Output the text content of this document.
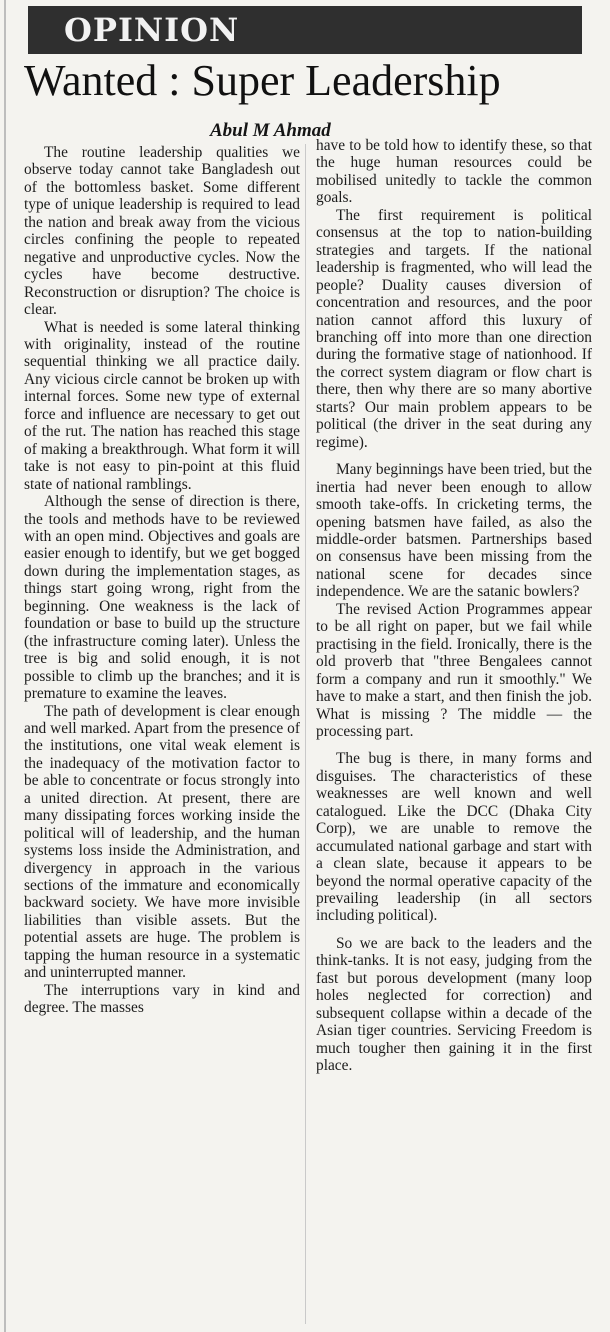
OPINION
Wanted : Super Leadership
Abul M Ahmad

The routine leadership qualities we observe today cannot take Bangladesh out of the bottomless basket. Some different type of unique leadership is required to lead the nation and break away from the vicious circles confining the people to repeated negative and unproductive cycles. Now the cycles have become destructive. Reconstruction or disruption? The choice is clear.

What is needed is some lateral thinking with originality, instead of the routine sequential thinking we all practice daily. Any vicious circle cannot be broken up with internal forces. Some new type of external force and influence are necessary to get out of the rut. The nation has reached this stage of making a breakthrough. What form it will take is not easy to pin-point at this fluid state of national ramblings.

Although the sense of direction is there, the tools and methods have to be reviewed with an open mind. Objectives and goals are easier enough to identify, but we get bogged down during the implementation stages, as things start going wrong, right from the beginning. One weakness is the lack of foundation or base to build up the structure (the infrastructure coming later). Unless the tree is big and solid enough, it is not possible to climb up the branches; and it is premature to examine the leaves.

The path of development is clear enough and well marked. Apart from the presence of the institutions, one vital weak element is the inadequacy of the motivation factor to be able to concentrate or focus strongly into a united direction. At present, there are many dissipating forces working inside the political will of leadership, and the human systems loss inside the Administration, and divergency in approach in the various sections of the immature and economically backward society. We have more invisible liabilities than visible assets. But the potential assets are huge. The problem is tapping the human resource in a systematic and uninterrupted manner.

The interruptions vary in kind and degree. The masses

have to be told how to identify these, so that the huge human resources could be mobilised unitedly to tackle the common goals.

The first requirement is political consensus at the top to nation-building strategies and targets. If the national leadership is fragmented, who will lead the people? Duality causes diversion of concentration and resources, and the poor nation cannot afford this luxury of branching off into more than one direction during the formative stage of nationhood. If the correct system diagram or flow chart is there, then why there are so many abortive starts? Our main problem appears to be political (the driver in the seat during any regime).

Many beginnings have been tried, but the inertia had never been enough to allow smooth take-offs. In cricketing terms, the opening batsmen have failed, as also the middle-order batsmen. Partnerships based on consensus have been missing from the national scene for decades since independence. We are the satanic bowlers?

The revised Action Programmes appear to be all right on paper, but we fail while practising in the field. Ironically, there is the old proverb that "three Bengalees cannot form a company and run it smoothly." We have to make a start, and then finish the job. What is missing ? The middle — the processing part.

The bug is there, in many forms and disguises. The characteristics of these weaknesses are well known and well catalogued. Like the DCC (Dhaka City Corp), we are unable to remove the accumulated national garbage and start with a clean slate, because it appears to be beyond the normal operative capacity of the prevailing leadership (in all sectors including political).

So we are back to the leaders and the think-tanks. It is not easy, judging from the fast but porous development (many loop holes neglected for correction) and subsequent collapse within a decade of the Asian tiger countries. Servicing Freedom is much tougher then gaining it in the first place.
